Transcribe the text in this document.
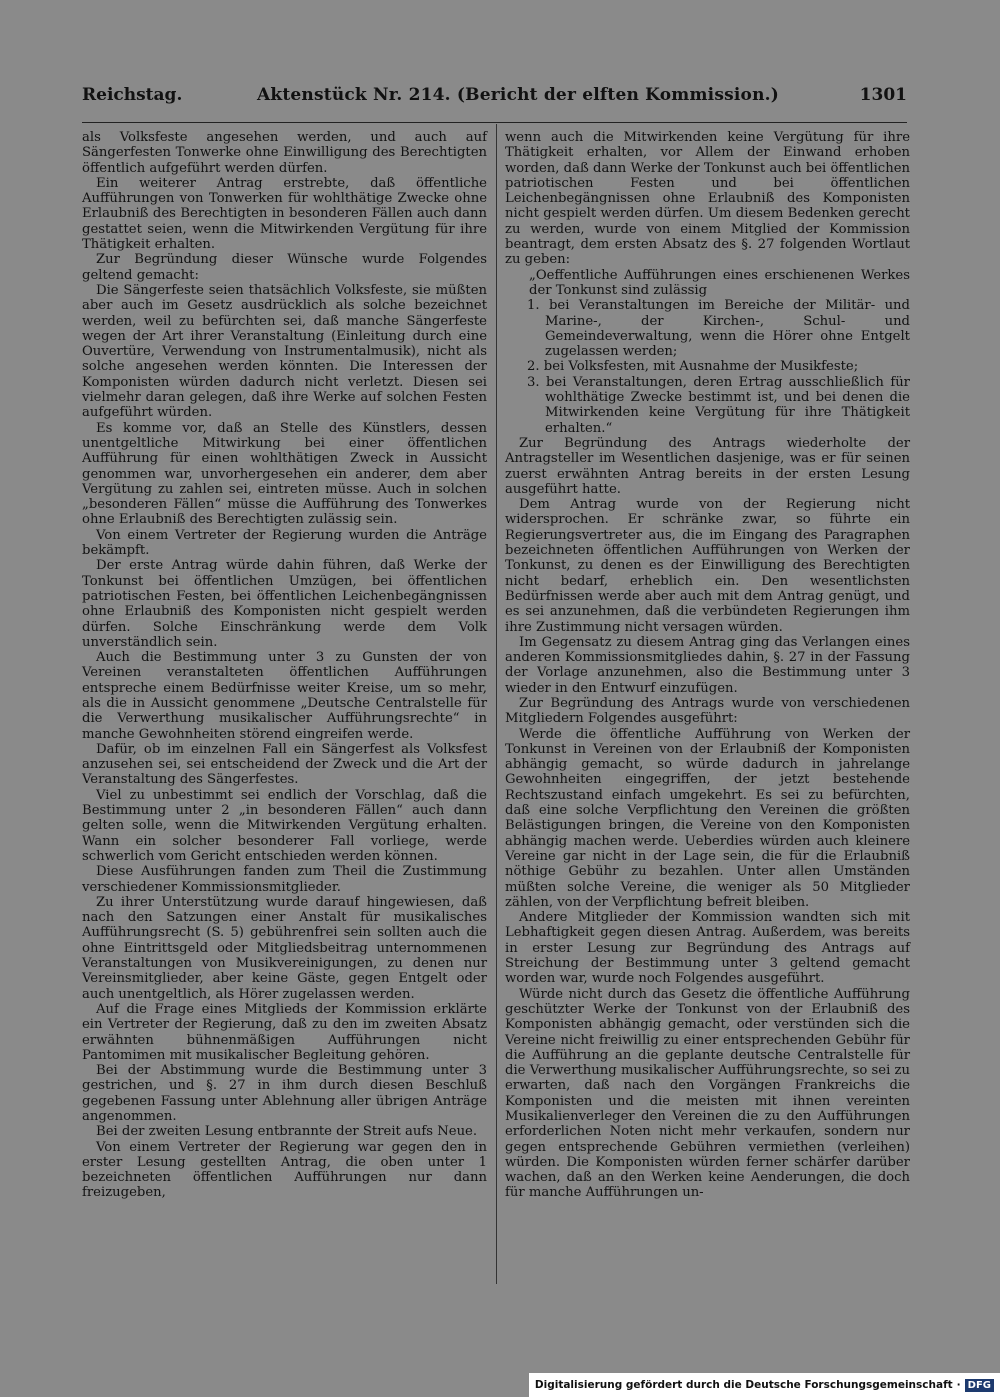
Reichstag.	Aktenstück Nr. 214. (Bericht der elften Kommission.)	1301

als Volksfeste angesehen werden, und auch auf Sängerfesten Tonwerke ohne Einwilligung des Berechtigten öffentlich aufgeführt werden dürfen.

Ein weiterer Antrag erstrebte, daß öffentliche Aufführungen von Tonwerken für wohlthätige Zwecke ohne Erlaubniß des Berechtigten in besonderen Fällen auch dann gestattet seien, wenn die Mitwirkenden Vergütung für ihre Thätigkeit erhalten.

Zur Begründung dieser Wünsche wurde Folgendes geltend gemacht:

Die Sängerfeste seien thatsächlich Volksfeste, sie müßten aber auch im Gesetz ausdrücklich als solche bezeichnet werden, weil zu befürchten sei, daß manche Sängerfeste wegen der Art ihrer Veranstaltung (Einleitung durch eine Ouvertüre, Verwendung von Instrumentalmusik), nicht als solche angesehen werden könnten. Die Interessen der Komponisten würden dadurch nicht verletzt. Diesen sei vielmehr daran gelegen, daß ihre Werke auf solchen Festen aufgeführt würden.

Es komme vor, daß an Stelle des Künstlers, dessen unentgeltliche Mitwirkung bei einer öffentlichen Aufführung für einen wohlthätigen Zweck in Aussicht genommen war, unvorhergesehen ein anderer, dem aber Vergütung zu zahlen sei, eintreten müsse. Auch in solchen „besonderen Fällen“ müsse die Aufführung des Tonwerkes ohne Erlaubniß des Berechtigten zulässig sein.

Von einem Vertreter der Regierung wurden die Anträge bekämpft.

Der erste Antrag würde dahin führen, daß Werke der Tonkunst bei öffentlichen Umzügen, bei öffentlichen patriotischen Festen, bei öffentlichen Leichenbegängnissen ohne Erlaubniß des Komponisten nicht gespielt werden dürfen. Solche Einschränkung werde dem Volk unverständlich sein.

Auch die Bestimmung unter 3 zu Gunsten der von Vereinen veranstalteten öffentlichen Aufführungen entspreche einem Bedürfnisse weiter Kreise, um so mehr, als die in Aussicht genommene „Deutsche Centralstelle für die Verwerthung musikalischer Aufführungsrechte“ in manche Gewohnheiten störend eingreifen werde.

Dafür, ob im einzelnen Fall ein Sängerfest als Volksfest anzusehen sei, sei entscheidend der Zweck und die Art der Veranstaltung des Sängerfestes.

Viel zu unbestimmt sei endlich der Vorschlag, daß die Bestimmung unter 2 „in besonderen Fällen“ auch dann gelten solle, wenn die Mitwirkenden Vergütung erhalten. Wann ein solcher besonderer Fall vorliege, werde schwerlich vom Gericht entschieden werden können.

Diese Ausführungen fanden zum Theil die Zustimmung verschiedener Kommissionsmitglieder.

Zu ihrer Unterstützung wurde darauf hingewiesen, daß nach den Satzungen einer Anstalt für musikalisches Aufführungsrecht (S. 5) gebührenfrei sein sollten auch die ohne Eintrittsgeld oder Mitgliedsbeitrag unternommenen Veranstaltungen von Musikvereinigungen, zu denen nur Vereinsmitglieder, aber keine Gäste, gegen Entgelt oder auch unentgeltlich, als Hörer zugelassen werden.

Auf die Frage eines Mitglieds der Kommission erklärte ein Vertreter der Regierung, daß zu den im zweiten Absatz erwähnten bühnenmäßigen Aufführungen nicht Pantomimen mit musikalischer Begleitung gehören.

Bei der Abstimmung wurde die Bestimmung unter 3 gestrichen, und §. 27 in ihm durch diesen Beschluß gegebenen Fassung unter Ablehnung aller übrigen Anträge angenommen.

Bei der zweiten Lesung entbrannte der Streit aufs Neue.

Von einem Vertreter der Regierung war gegen den in erster Lesung gestellten Antrag, die oben unter 1 bezeichneten öffentlichen Aufführungen nur dann freizugeben,

wenn auch die Mitwirkenden keine Vergütung für ihre Thätigkeit erhalten, vor Allem der Einwand erhoben worden, daß dann Werke der Tonkunst auch bei öffentlichen patriotischen Festen und bei öffentlichen Leichenbegängnissen ohne Erlaubniß des Komponisten nicht gespielt werden dürfen. Um diesem Bedenken gerecht zu werden, wurde von einem Mitglied der Kommission beantragt, dem ersten Absatz des §. 27 folgenden Wortlaut zu geben:

„Oeffentliche Aufführungen eines erschienenen Werkes der Tonkunst sind zulässig

1. bei Veranstaltungen im Bereiche der Militär- und Marine-, der Kirchen-, Schul- und Gemeindeverwaltung, wenn die Hörer ohne Entgelt zugelassen werden;

2. bei Volksfesten, mit Ausnahme der Musikfeste;

3. bei Veranstaltungen, deren Ertrag ausschließlich für wohlthätige Zwecke bestimmt ist, und bei denen die Mitwirkenden keine Vergütung für ihre Thätigkeit erhalten.“

Zur Begründung des Antrags wiederholte der Antragsteller im Wesentlichen dasjenige, was er für seinen zuerst erwähnten Antrag bereits in der ersten Lesung ausgeführt hatte.

Dem Antrag wurde von der Regierung nicht widersprochen. Er schränke zwar, so führte ein Regierungsvertreter aus, die im Eingang des Paragraphen bezeichneten öffentlichen Aufführungen von Werken der Tonkunst, zu denen es der Einwilligung des Berechtigten nicht bedarf, erheblich ein. Den wesentlichsten Bedürfnissen werde aber auch mit dem Antrag genügt, und es sei anzunehmen, daß die verbündeten Regierungen ihm ihre Zustimmung nicht versagen würden.

Im Gegensatz zu diesem Antrag ging das Verlangen eines anderen Kommissionsmitgliedes dahin, §. 27 in der Fassung der Vorlage anzunehmen, also die Bestimmung unter 3 wieder in den Entwurf einzufügen.

Zur Begründung des Antrags wurde von verschiedenen Mitgliedern Folgendes ausgeführt:

Werde die öffentliche Aufführung von Werken der Tonkunst in Vereinen von der Erlaubniß der Komponisten abhängig gemacht, so würde dadurch in jahrelange Gewohnheiten eingegriffen, der jetzt bestehende Rechtszustand einfach umgekehrt. Es sei zu befürchten, daß eine solche Verpflichtung den Vereinen die größten Belästigungen bringen, die Vereine von den Komponisten abhängig machen werde. Ueberdies würden auch kleinere Vereine gar nicht in der Lage sein, die für die Erlaubniß nöthige Gebühr zu bezahlen. Unter allen Umständen müßten solche Vereine, die weniger als 50 Mitglieder zählen, von der Verpflichtung befreit bleiben.

Andere Mitglieder der Kommission wandten sich mit Lebhaftigkeit gegen diesen Antrag. Außerdem, was bereits in erster Lesung zur Begründung des Antrags auf Streichung der Bestimmung unter 3 geltend gemacht worden war, wurde noch Folgendes ausgeführt.

Würde nicht durch das Gesetz die öffentliche Aufführung geschützter Werke der Tonkunst von der Erlaubniß des Komponisten abhängig gemacht, oder verstünden sich die Vereine nicht freiwillig zu einer entsprechenden Gebühr für die Aufführung an die geplante deutsche Centralstelle für die Verwerthung musikalischer Aufführungsrechte, so sei zu erwarten, daß nach den Vorgängen Frankreichs die Komponisten und die meisten mit ihnen vereinten Musikalienverleger den Vereinen die zu den Aufführungen erforderlichen Noten nicht mehr verkaufen, sondern nur gegen entsprechende Gebühren vermiethen (verleihen) würden. Die Komponisten würden ferner schärfer darüber wachen, daß an den Werken keine Aenderungen, die doch für manche Aufführungen un-

Digitalisierung gefördert durch die Deutsche Forschungsgemeinschaft · DFG
